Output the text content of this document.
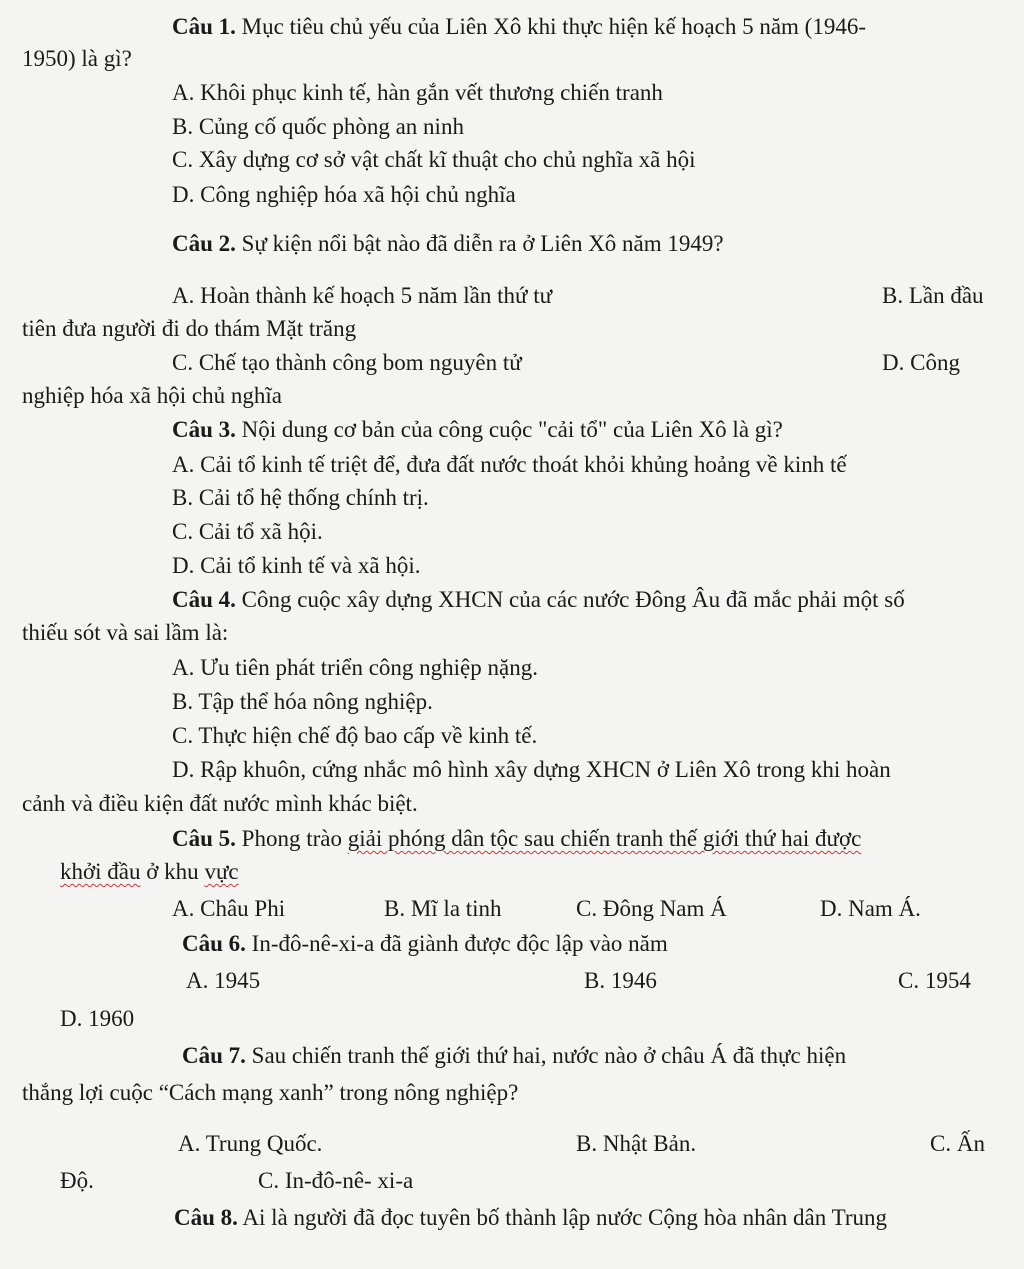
Câu 1. Mục tiêu chủ yếu của Liên Xô khi thực hiện kế hoạch 5 năm (1946-
1950) là gì?
A. Khôi phục kinh tế, hàn gắn vết thương chiến tranh
B. Củng cố quốc phòng an ninh
C. Xây dựng cơ sở vật chất kĩ thuật cho chủ nghĩa xã hội
D. Công nghiệp hóa xã hội chủ nghĩa
Câu 2. Sự kiện nổi bật nào đã diễn ra ở Liên Xô năm 1949?
A. Hoàn thành kế hoạch 5 năm lần thứ tư	B. Lần đầu
tiên đưa người đi do thám Mặt trăng
C. Chế tạo thành công bom nguyên tử	D. Công
nghiệp hóa xã hội chủ nghĩa
Câu 3. Nội dung cơ bản của công cuộc "cải tổ" của Liên Xô là gì?
A. Cải tổ kinh tế triệt để, đưa đất nước thoát khỏi khủng hoảng về kinh tế
B. Cải tổ hệ thống chính trị.
C. Cải tổ xã hội.
D. Cải tổ kinh tế và xã hội.
Câu 4. Công cuộc xây dựng XHCN của các nước Đông Âu đã mắc phải một số
thiếu sót và sai lầm là:
A. Ưu tiên phát triển công nghiệp nặng.
B. Tập thể hóa nông nghiệp.
C. Thực hiện chế độ bao cấp về kinh tế.
D. Rập khuôn, cứng nhắc mô hình xây dựng XHCN ở Liên Xô trong khi hoàn
cảnh và điều kiện đất nước mình khác biệt.
Câu 5. Phong trào giải phóng dân tộc sau chiến tranh thế giới thứ hai được
khởi đầu ở khu vực
A. Châu Phi	B. Mĩ la tinh	C. Đông Nam Á	D. Nam Á.
Câu 6. In-đô-nê-xi-a đã giành được độc lập vào năm
A. 1945	B. 1946	C. 1954
D. 1960
Câu 7. Sau chiến tranh thế giới thứ hai, nước nào ở châu Á đã thực hiện
thắng lợi cuộc “Cách mạng xanh” trong nông nghiệp?
A. Trung Quốc.	B. Nhật Bản.	C. Ấn
Độ.	C. In-đô-nê- xi-a
Câu 8. Ai là người đã đọc tuyên bố thành lập nước Cộng hòa nhân dân Trung
